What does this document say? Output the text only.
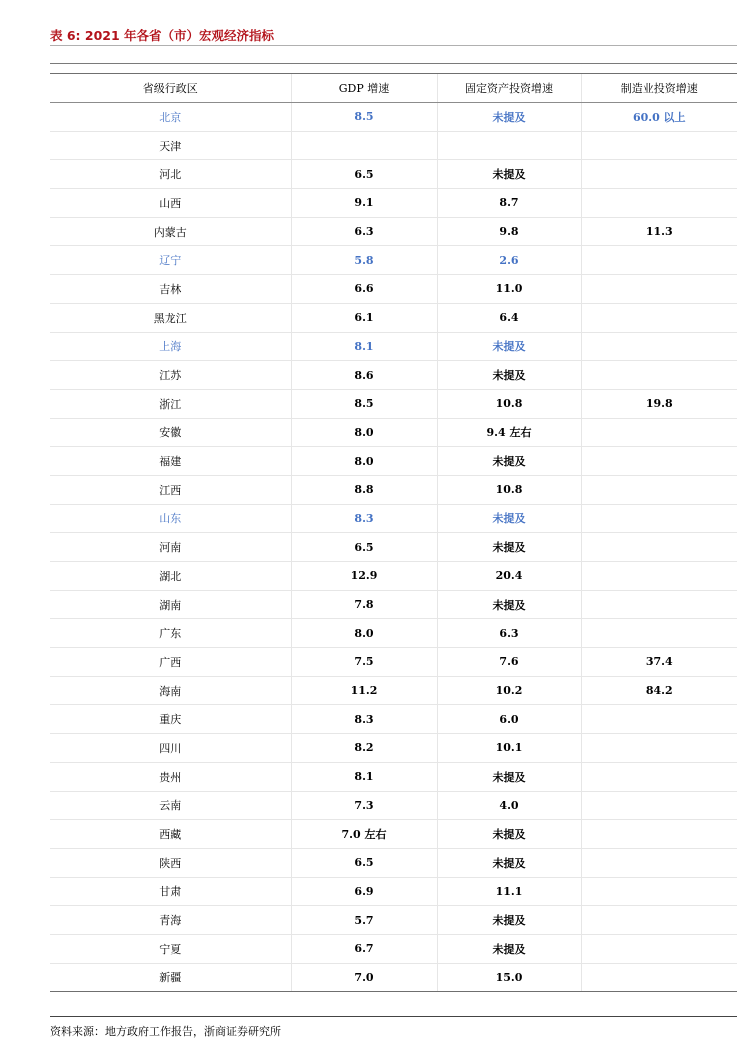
表 6: 2021 年各省（市）宏观经济指标
省级行政区	GDP 增速	固定资产投资增速	制造业投资增速
北京	8.5	未提及	60.0 以上
天津			
河北	6.5	未提及	
山西	9.1	8.7	
内蒙古	6.3	9.8	11.3
辽宁	5.8	2.6	
吉林	6.6	11.0	
黑龙江	6.1	6.4	
上海	8.1	未提及	
江苏	8.6	未提及	
浙江	8.5	10.8	19.8
安徽	8.0	9.4 左右	
福建	8.0	未提及	
江西	8.8	10.8	
山东	8.3	未提及	
河南	6.5	未提及	
湖北	12.9	20.4	
湖南	7.8	未提及	
广东	8.0	6.3	
广西	7.5	7.6	37.4
海南	11.2	10.2	84.2
重庆	8.3	6.0	
四川	8.2	10.1	
贵州	8.1	未提及	
云南	7.3	4.0	
西藏	7.0 左右	未提及	
陕西	6.5	未提及	
甘肃	6.9	11.1	
青海	5.7	未提及	
宁夏	6.7	未提及	
新疆	7.0	15.0	
资料来源：地方政府工作报告，浙商证券研究所
